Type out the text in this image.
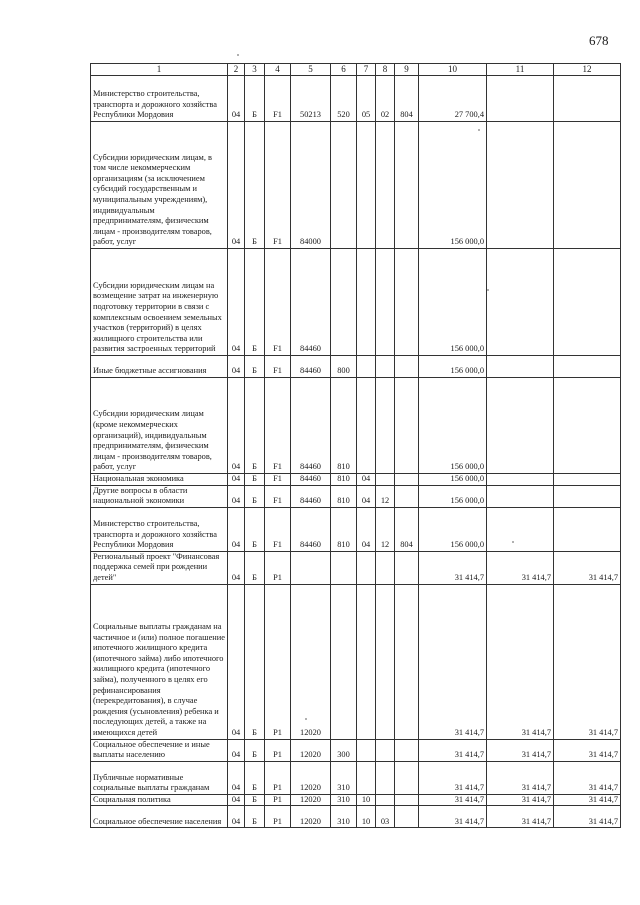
678
1	2	3	4	5	6	7	8	9	10	11	12
Министерство строительства, транспорта и дорожного хозяйства Республики Мордовия	04	Б	F1	50213	520	05	02	804	27 700,4		
Субсидии юридическим лицам, в том числе некоммерческим организациям (за исключением субсидий государственным и муниципальным учреждениям), индивидуальным предпринимателям, физическим лицам - производителям товаров, работ, услуг	04	Б	F1	84000					156 000,0		
Субсидии юридическим лицам на возмещение затрат на инженерную подготовку территории в связи с комплексным освоением земельных участков (территорий) в целях жилищного строительства или развития застроенных территорий	04	Б	F1	84460					156 000,0		
Иные бюджетные ассигнования	04	Б	F1	84460	800				156 000,0		
Субсидии юридическим лицам (кроме некоммерческих организаций), индивидуальным предпринимателям, физическим лицам - производителям товаров, работ, услуг	04	Б	F1	84460	810				156 000,0		
Национальная экономика	04	Б	F1	84460	810	04			156 000,0		
Другие вопросы в области национальной экономики	04	Б	F1	84460	810	04	12		156 000,0		
Министерство строительства, транспорта и дорожного хозяйства Республики Мордовия	04	Б	F1	84460	810	04	12	804	156 000,0		
Региональный проект "Финансовая поддержка семей при рождении детей"	04	Б	P1						31 414,7	31 414,7	31 414,7
Социальные выплаты гражданам на частичное и (или) полное погашение ипотечного жилищного кредита (ипотечного займа) либо ипотечного жилищного кредита (ипотечного займа), полученного в целях его рефинансирования (перекредитования), в случае рождения (усыновления) ребенка и последующих детей, а также на имеющихся детей	04	Б	P1	12020					31 414,7	31 414,7	31 414,7
Социальное обеспечение и иные выплаты населению	04	Б	P1	12020	300				31 414,7	31 414,7	31 414,7
Публичные нормативные социальные выплаты гражданам	04	Б	P1	12020	310				31 414,7	31 414,7	31 414,7
Социальная политика	04	Б	P1	12020	310	10			31 414,7	31 414,7	31 414,7
Социальное обеспечение населения	04	Б	P1	12020	310	10	03		31 414,7	31 414,7	31 414,7
